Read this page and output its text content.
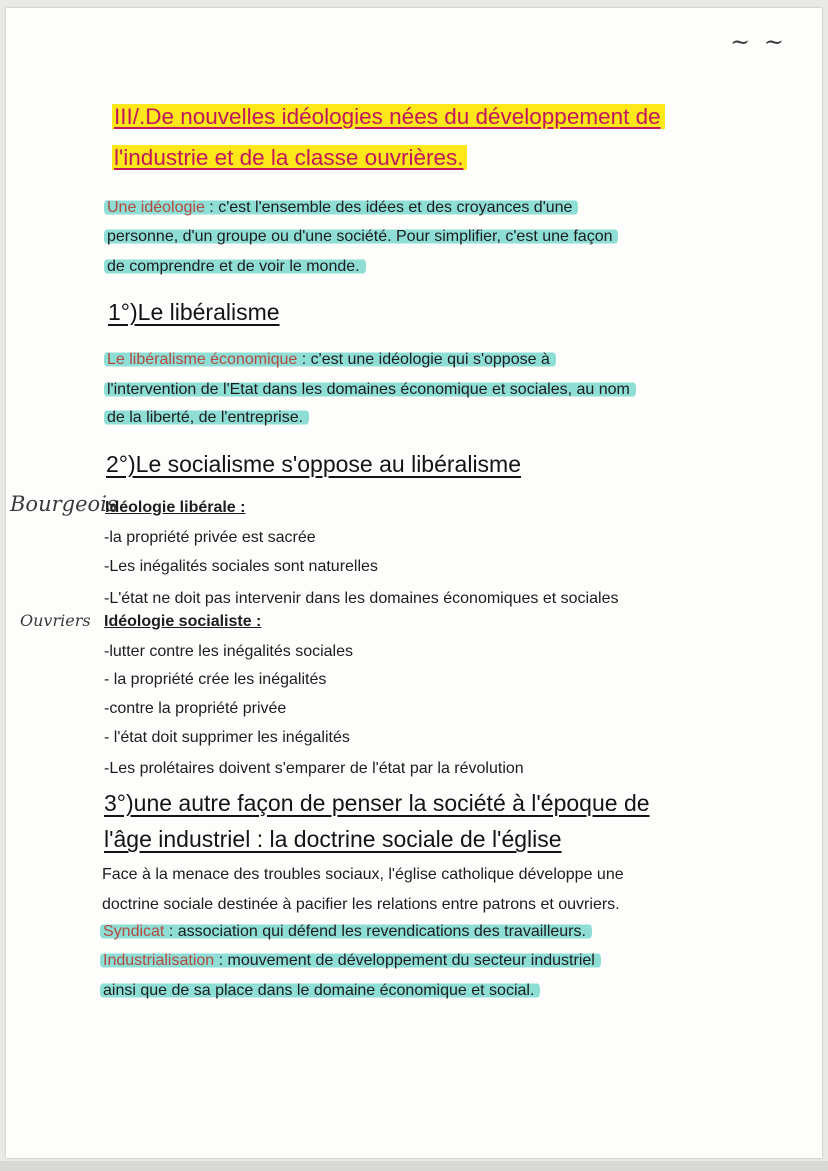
~ ~
III/.De nouvelles idéologies nées du développement de
l'industrie et de la classe ouvrières.
Une idéologie : c'est l'ensemble des idées et des croyances d'une
personne, d'un groupe ou d'une société. Pour simplifier, c'est une façon
de comprendre et de voir le monde.
1°)Le libéralisme
Le libéralisme économique : c'est une idéologie qui s'oppose à
l'intervention de l'Etat dans les domaines économique et sociales, au nom
de la liberté, de l'entreprise.
2°)Le socialisme s'oppose au libéralisme
Bourgeois
Idéologie libérale :
-la propriété privée est sacrée
-Les inégalités sociales sont naturelles
-L'état ne doit pas intervenir dans les domaines économiques et sociales
Ouvriers Idéologie socialiste :
-lutter contre les inégalités sociales
- la propriété crée les inégalités
-contre la propriété privée
- l'état doit supprimer les inégalités
-Les prolétaires doivent s'emparer de l'état par la révolution
3°)une autre façon de penser la société à l'époque de
l'âge industriel : la doctrine sociale de l'église
Face à la menace des troubles sociaux, l'église catholique développe une
doctrine sociale destinée à pacifier les relations entre patrons et ouvriers.
Syndicat : association qui défend les revendications des travailleurs.
Industrialisation : mouvement de développement du secteur industriel
ainsi que de sa place dans le domaine économique et social.
